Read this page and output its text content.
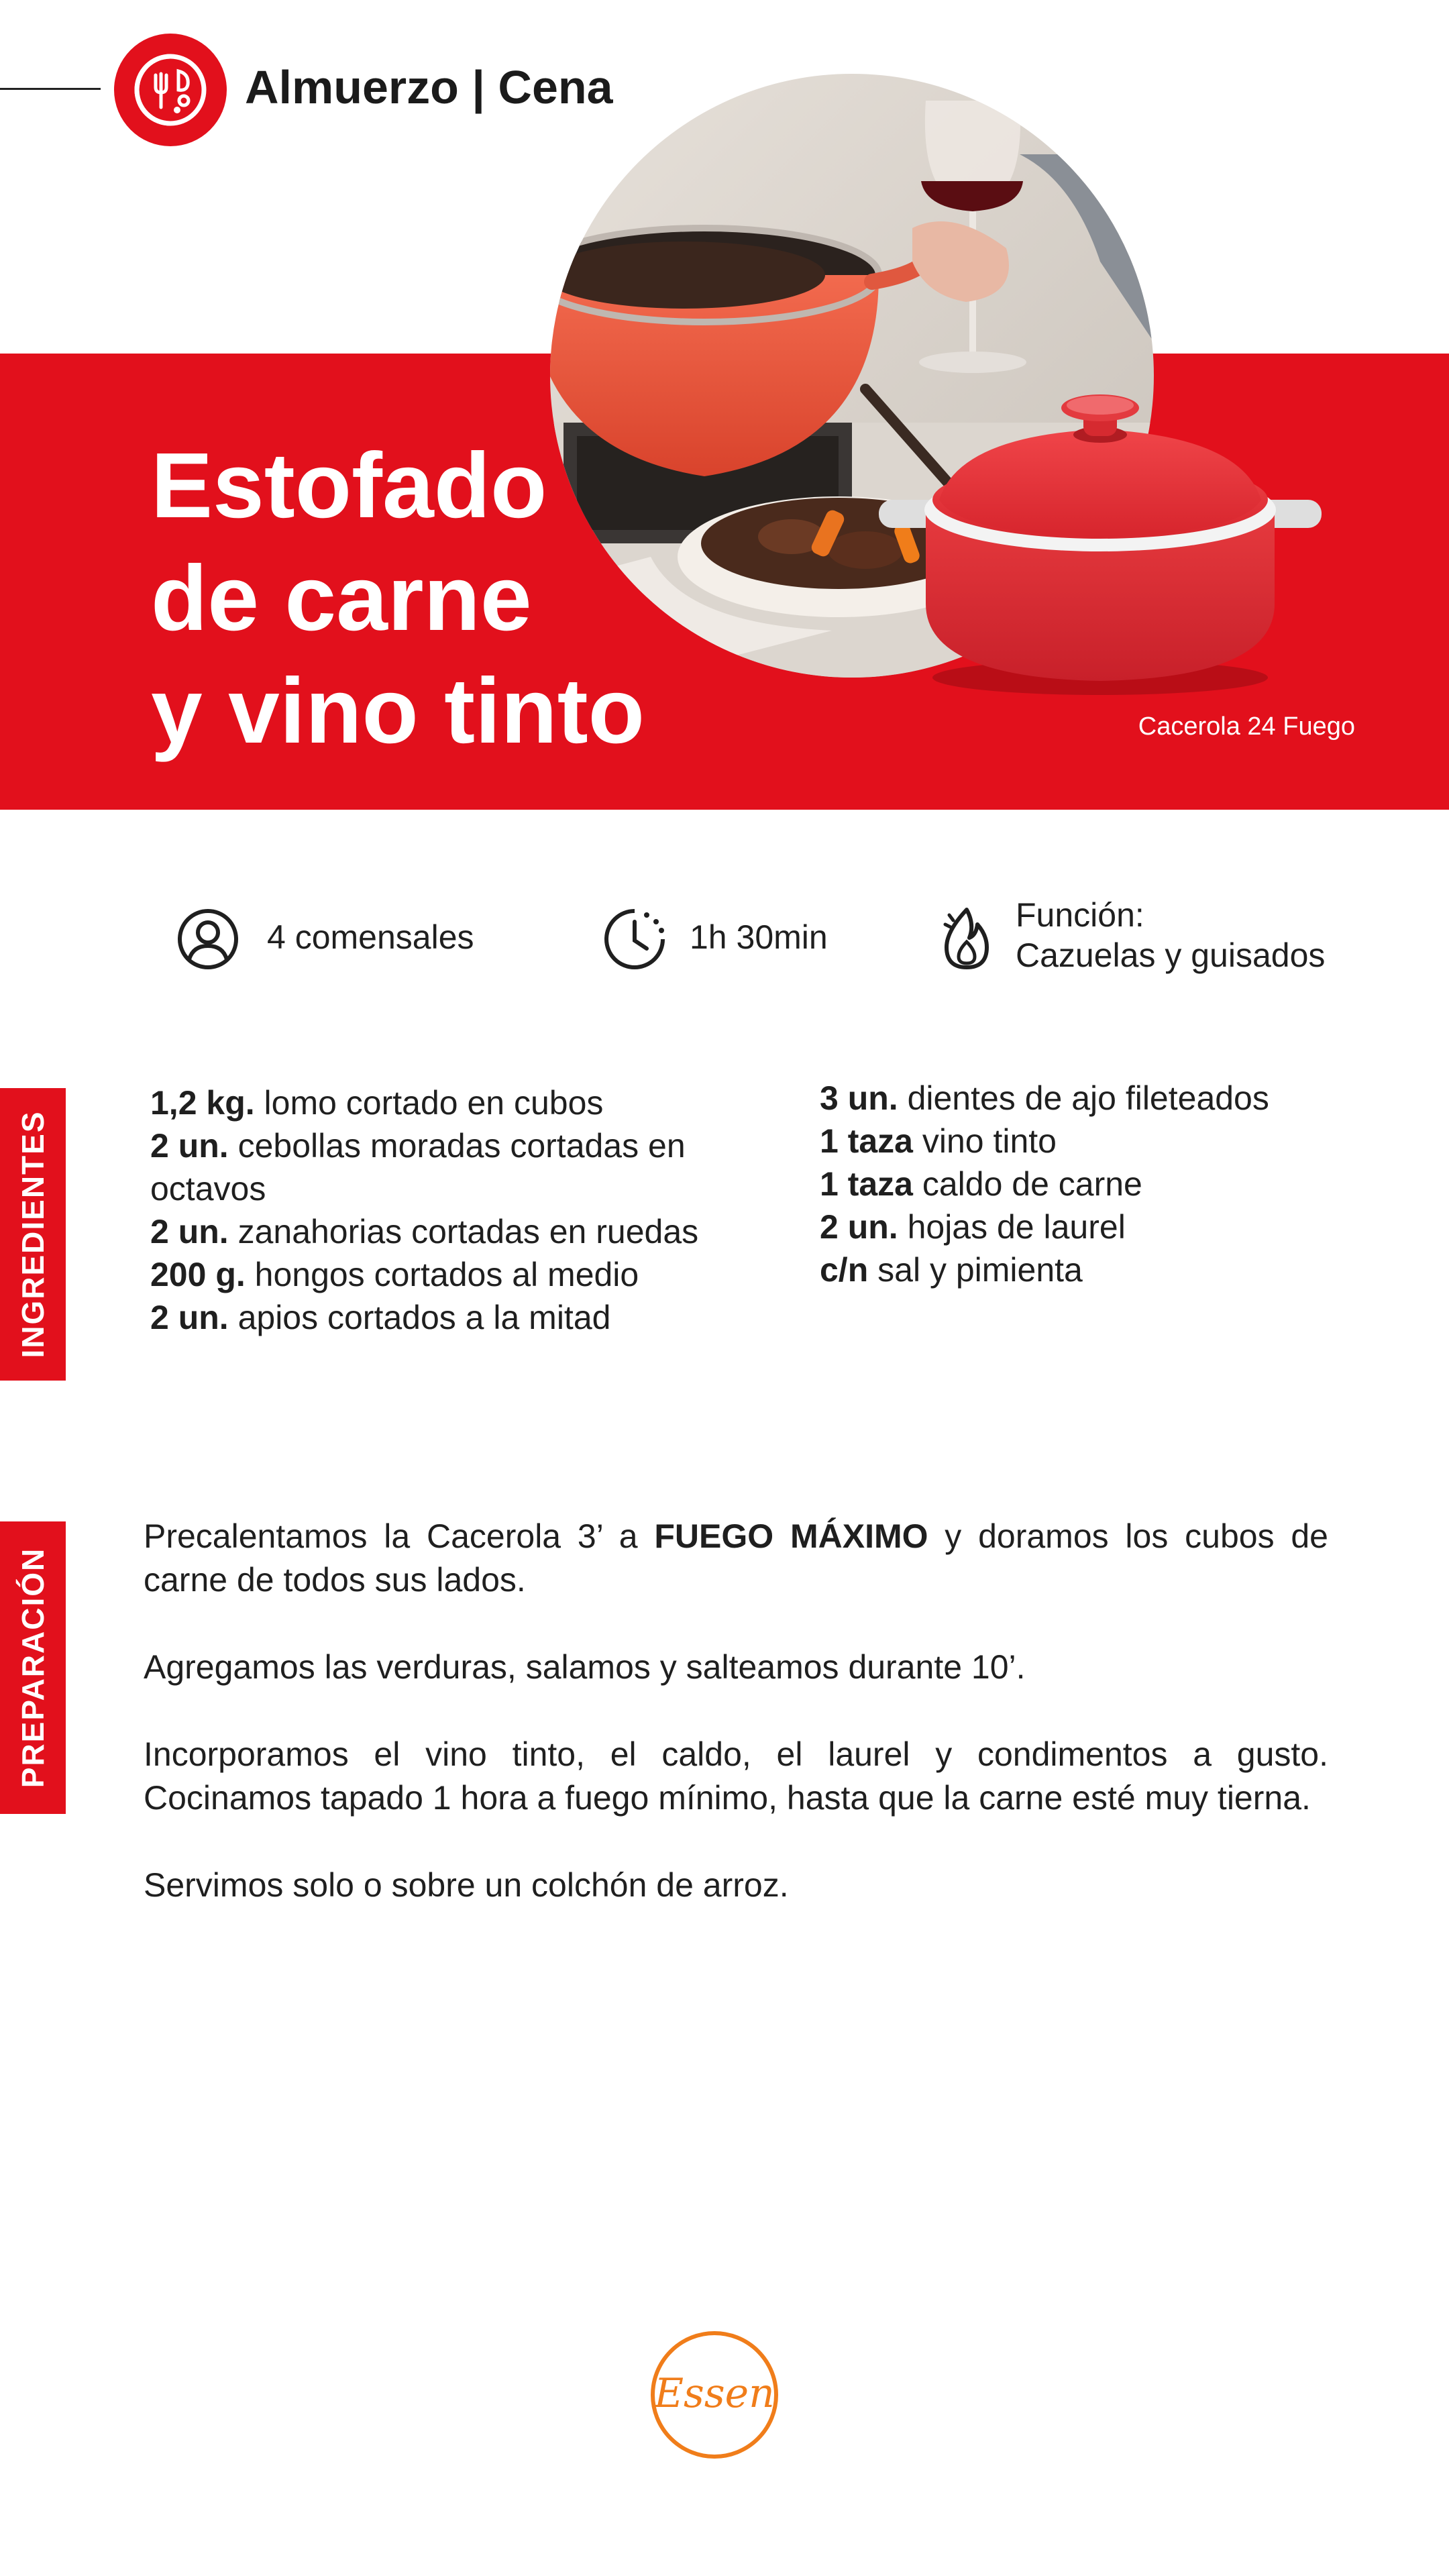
Almuerzo | Cena
Estofado
de carne
y vino tinto	Cacerola 24 Fuego
4 comensales	1h 30min
Función:
Cazuelas y guisados
INGREDIENTES

1,2 kg. lomo cortado en cubos

2 un. cebollas moradas cortadas en octavos

2 un. zanahorias cortadas en ruedas

200 g. hongos cortados al medio

2 un. apios cortados a la mitad

3 un. dientes de ajo fileteados

1 taza vino tinto

1 taza caldo de carne

2 un. hojas de laurel

c/n sal y pimienta

PREPARACIÓN

Precalentamos la Cacerola 3’ a FUEGO MÁXIMO y doramos los cubos de carne de todos sus lados.

Agregamos las verduras, salamos y salteamos durante 10’.

Incorporamos el vino tinto, el caldo, el laurel y condimentos a gusto. Cocinamos tapado 1 hora a fuego mínimo, hasta que la carne esté muy tierna.

Servimos solo o sobre un colchón de arroz.

Essen
